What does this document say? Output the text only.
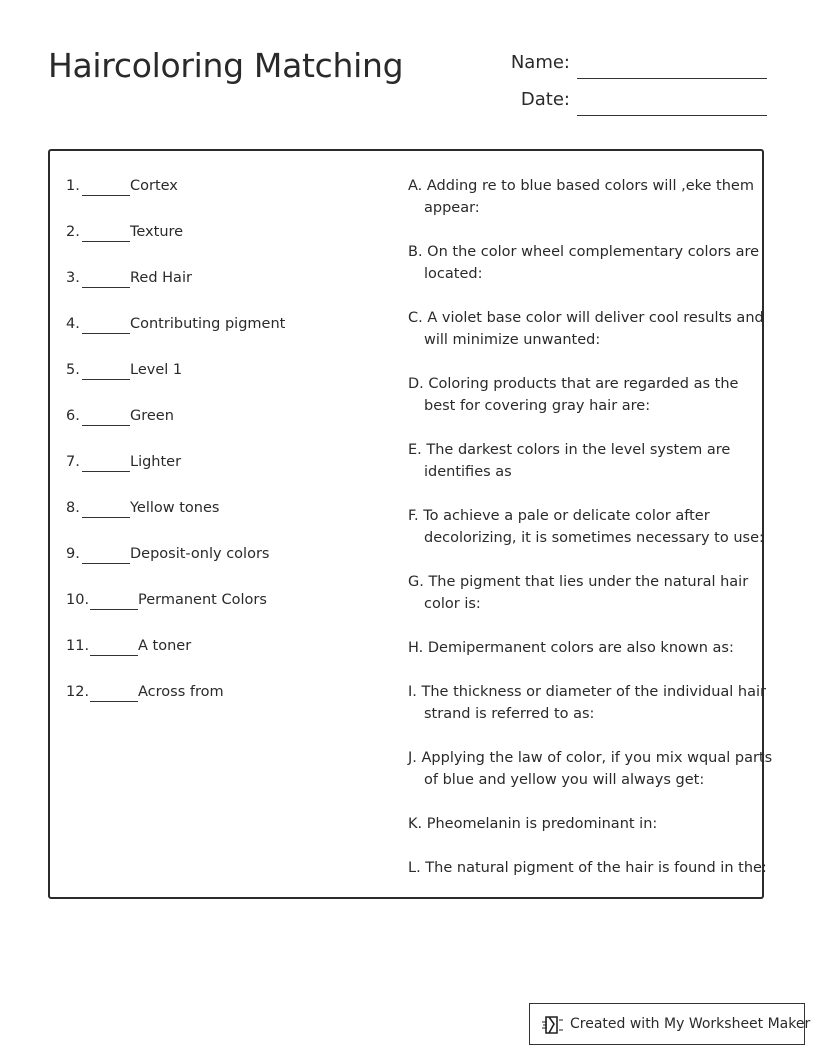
Haircoloring Matching	Name:
Date:
1.	Cortex
2.	Texture
3.	Red Hair
4.	Contributing pigment
5.	Level 1
6.	Green
7.	Lighter
8.	Yellow tones
9.	Deposit-only colors
10.	Permanent Colors
11.	A toner
12.	Across from
A. Adding re to blue based colors will ,eke them
appear:
B. On the color wheel complementary colors are
located:
C. A violet base color will deliver cool results and
will minimize unwanted:
D. Coloring products that are regarded as the
best for covering gray hair are:
E. The darkest colors in the level system are
identifies as
F. To achieve a pale or delicate color after
decolorizing, it is sometimes necessary to use:
G. The pigment that lies under the natural hair
color is:
H. Demipermanent colors are also known as:
I. The thickness or diameter of the individual hair
strand is referred to as:
J. Applying the law of color, if you mix wqual parts
of blue and yellow you will always get:
K. Pheomelanin is predominant in:
L. The natural pigment of the hair is found in the:
Created with My Worksheet Maker
